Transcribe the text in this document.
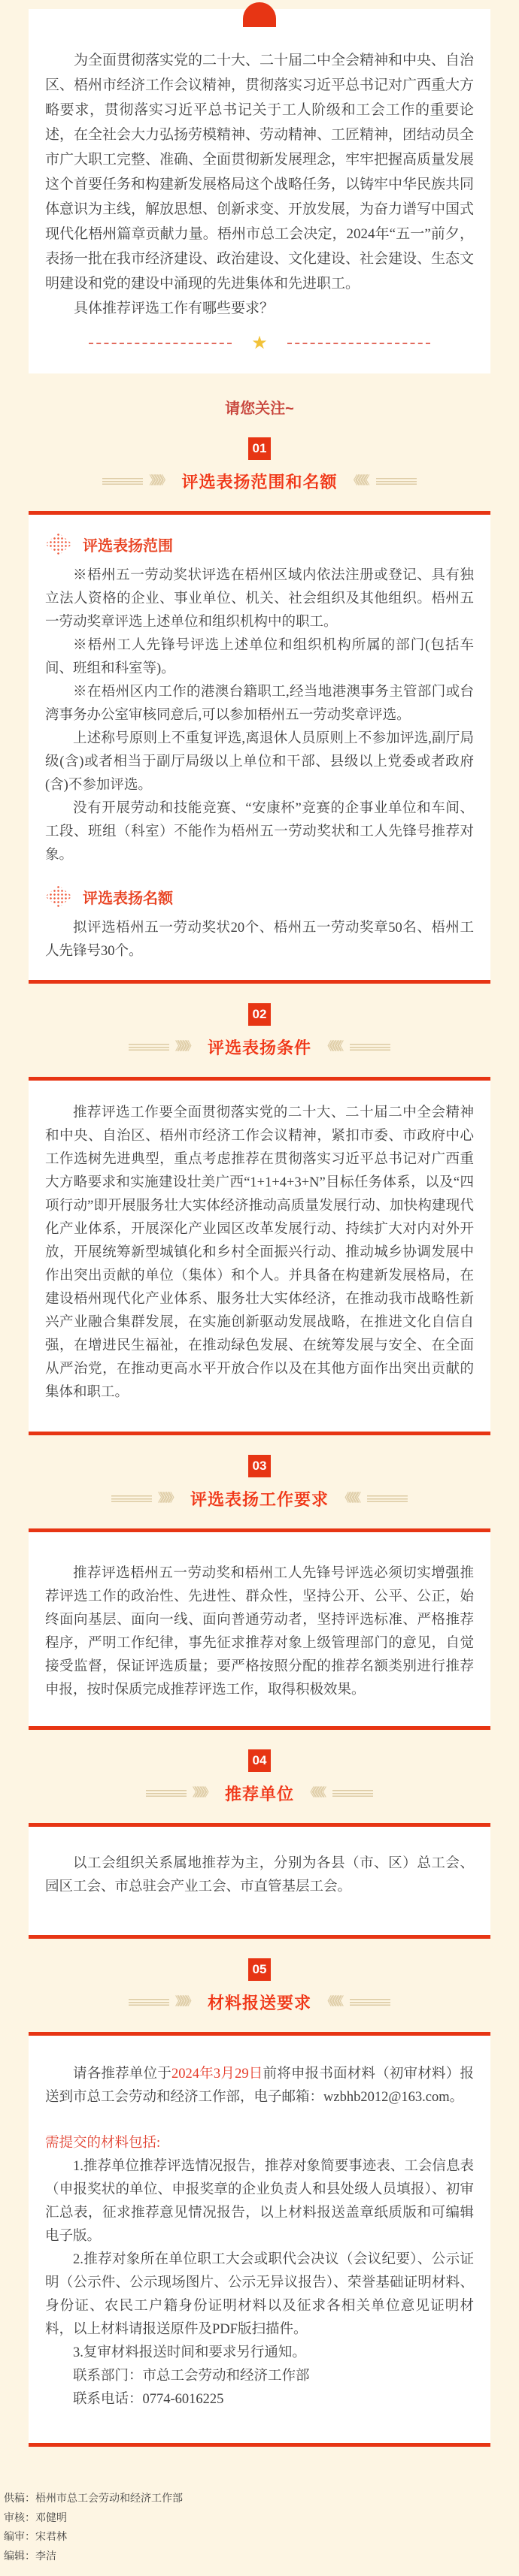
为全面贯彻落实党的二十大、二十届二中全会精神和中央、自治区、梧州市经济工作会议精神，贯彻落实习近平总书记对广西重大方略要求，贯彻落实习近平总书记关于工人阶级和工会工作的重要论述，在全社会大力弘扬劳模精神、劳动精神、工匠精神，团结动员全市广大职工完整、准确、全面贯彻新发展理念，牢牢把握高质量发展这个首要任务和构建新发展格局这个战略任务，以铸牢中华民族共同体意识为主线，解放思想、创新求变、开放发展，为奋力谱写中国式现代化梧州篇章贡献力量。梧州市总工会决定，2024年“五一”前夕，表扬一批在我市经济建设、政治建设、文化建设、社会建设、生态文明建设和党的建设中涌现的先进集体和先进职工。

具体推荐评选工作有哪些要求？

★
请您关注~
01
》》》》》 评选表扬范围和名额 《《《《《
评选表扬范围

※梧州五一劳动奖状评选在梧州区域内依法注册或登记、具有独立法人资格的企业、事业单位、机关、社会组织及其他组织。梧州五一劳动奖章评选上述单位和组织机构中的职工。

※梧州工人先锋号评选上述单位和组织机构所属的部门(包括车间、班组和科室等)。

※在梧州区内工作的港澳台籍职工,经当地港澳事务主管部门或台湾事务办公室审核同意后,可以参加梧州五一劳动奖章评选。

上述称号原则上不重复评选,离退休人员原则上不参加评选,副厅局级(含)或者相当于副厅局级以上单位和干部、县级以上党委或者政府(含)不参加评选。

没有开展劳动和技能竞赛、“安康杯”竞赛的企事业单位和车间、工段、班组（科室）不能作为梧州五一劳动奖状和工人先锋号推荐对象。

评选表扬名额

拟评选梧州五一劳动奖状20个、梧州五一劳动奖章50名、梧州工人先锋号30个。

02
》》》》》 评选表扬条件 《《《《《

推荐评选工作要全面贯彻落实党的二十大、二十届二中全会精神和中央、自治区、梧州市经济工作会议精神，紧扣市委、市政府中心工作选树先进典型，重点考虑推荐在贯彻落实习近平总书记对广西重大方略要求和实施建设壮美广西“1+1+4+3+N”目标任务体系，以及“四项行动”即开展服务壮大实体经济推动高质量发展行动、加快构建现代化产业体系，开展深化产业园区改革发展行动、持续扩大对内对外开放，开展统筹新型城镇化和乡村全面振兴行动、推动城乡协调发展中作出突出贡献的单位（集体）和个人。并具备在构建新发展格局，在建设梧州现代化产业体系、服务壮大实体经济，在推动我市战略性新兴产业融合集群发展，在实施创新驱动发展战略，在推进文化自信自强，在增进民生福祉，在推动绿色发展、在统筹发展与安全、在全面从严治党，在推动更高水平开放合作以及在其他方面作出突出贡献的集体和职工。

03
》》》》》 评选表扬工作要求 《《《《《

推荐评选梧州五一劳动奖和梧州工人先锋号评选必须切实增强推荐评选工作的政治性、先进性、群众性，坚持公开、公平、公正，始终面向基层、面向一线、面向普通劳动者，坚持评选标准、严格推荐程序，严明工作纪律，事先征求推荐对象上级管理部门的意见，自觉接受监督，保证评选质量；要严格按照分配的推荐名额类别进行推荐申报，按时保质完成推荐评选工作，取得积极效果。

04
》》》》》 推荐单位 《《《《《

以工会组织关系属地推荐为主，分别为各县（市、区）总工会、园区工会、市总驻会产业工会、市直管基层工会。

05
》》》》》 材料报送要求 《《《《《

请各推荐单位于2024年3月29日前将申报书面材料（初审材料）报送到市总工会劳动和经济工作部，电子邮箱：wzbhb2012@163.com。

需提交的材料包括:

1.推荐单位推荐评选情况报告，推荐对象简要事迹表、工会信息表（申报奖状的单位、申报奖章的企业负责人和县处级人员填报）、初审汇总表，征求推荐意见情况报告，以上材料报送盖章纸质版和可编辑电子版。

2.推荐对象所在单位职工大会或职代会决议（会议纪要）、公示证明（公示件、公示现场图片、公示无异议报告）、荣誉基础证明材料、身份证、农民工户籍身份证明材料以及征求各相关单位意见证明材料，以上材料请报送原件及PDF版扫描件。

3.复审材料报送时间和要求另行通知。

联系部门：市总工会劳动和经济工作部

联系电话：0774-6016225

供稿：梧州市总工会劳动和经济工作部

审核：邓健明

编审：宋君林

编辑：李洁
